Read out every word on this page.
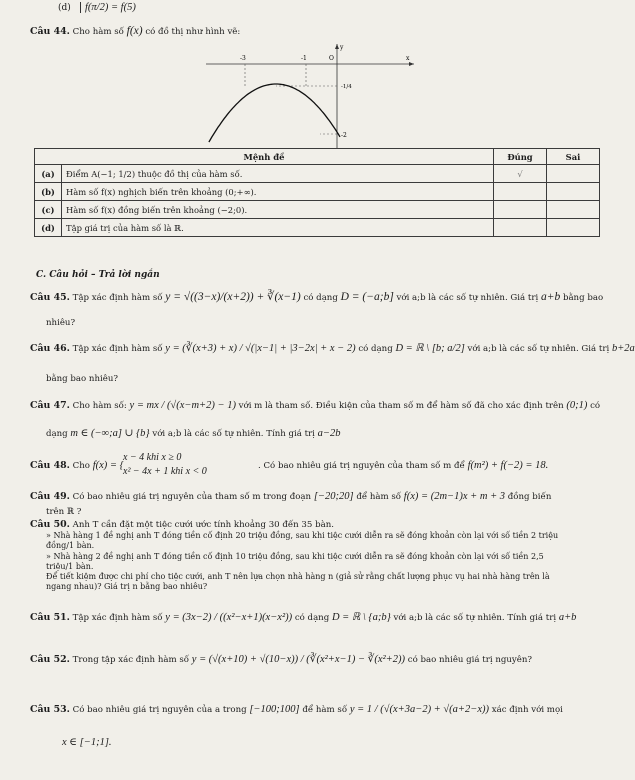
(d)	f(π/2) = f(5)
Câu 44. Cho hàm số f(x) có đồ thị như hình vẽ:
-3	-1	O	x
y
-1/4
-2
Mệnh đề		Đúng	Sai
(a)	Điểm A(−1; 1/2) thuộc đồ thị của hàm số.	√	
(b)	Hàm số f(x) nghịch biến trên khoảng (0;+∞).		
(c)	Hàm số f(x) đồng biến trên khoảng (−2;0).		
(d)	Tập giá trị của hàm số là ℝ.		
C. Câu hỏi – Trả lời ngắn
Câu 45. Tập xác định hàm số y = √((3−x)/(x+2)) + ∛(x−1) có dạng D = (−a;b] với a;b là các số tự nhiên. Giá trị a+b bằng bao
nhiêu?
Câu 46. Tập xác định hàm số y = (∛(x+3) + x) / √(|x−1| + |3−2x| + x − 2) có dạng D = ℝ \ [b; a/2] với a;b là các số tự nhiên. Giá trị b+2a
bằng bao nhiêu?
Câu 47. Cho hàm số: y = mx / (√(x−m+2) − 1) với m là tham số. Điều kiện của tham số m để hàm số đã cho xác định trên (0;1) có
dạng m ∈ (−∞;a] ∪ {b} với a;b là các số tự nhiên. Tính giá trị a−2b
Câu 48. Cho f(x) = {
x − 4 khi x ≥ 0
x² − 4x + 1 khi x < 0	. Có bao nhiêu giá trị nguyên của tham số m để f(m²) + f(−2) = 18.
Câu 49. Có bao nhiêu giá trị nguyên của tham số m trong đoạn [−20;20] để hàm số f(x) = (2m−1)x + m + 3 đồng biến
trên ℝ ?
Câu 50. Anh T cần đặt một tiệc cưới ước tính khoảng 30 đến 35 bàn.
» Nhà hàng 1 đề nghị anh T đóng tiền cố định 20 triệu đồng, sau khi tiệc cưới diễn ra sẽ đóng khoản còn lại với số tiền 2 triệu
đồng/1 bàn.
» Nhà hàng 2 đề nghị anh T đóng tiền cố định 10 triệu đồng, sau khi tiệc cưới diễn ra sẽ đóng khoản còn lại với số tiền 2,5
triệu/1 bàn.
Để tiết kiệm được chi phí cho tiệc cưới, anh T nên lựa chọn nhà hàng n (giả sử rằng chất lượng phục vụ hai nhà hàng trên là
ngang nhau)? Giá trị n bằng bao nhiêu?
Câu 51. Tập xác định hàm số y = (3x−2) / ((x²−x+1)(x−x²)) có dạng D = ℝ \ {a;b} với a;b là các số tự nhiên. Tính giá trị a+b
Câu 52. Trong tập xác định hàm số y = (√(x+10) + √(10−x)) / (∛(x²+x−1) − ∛(x²+2)) có bao nhiêu giá trị nguyên?
Câu 53. Có bao nhiêu giá trị nguyên của a trong [−100;100] để hàm số y = 1 / (√(x+3a−2) + √(a+2−x)) xác định với mọi
x ∈ [−1;1].
